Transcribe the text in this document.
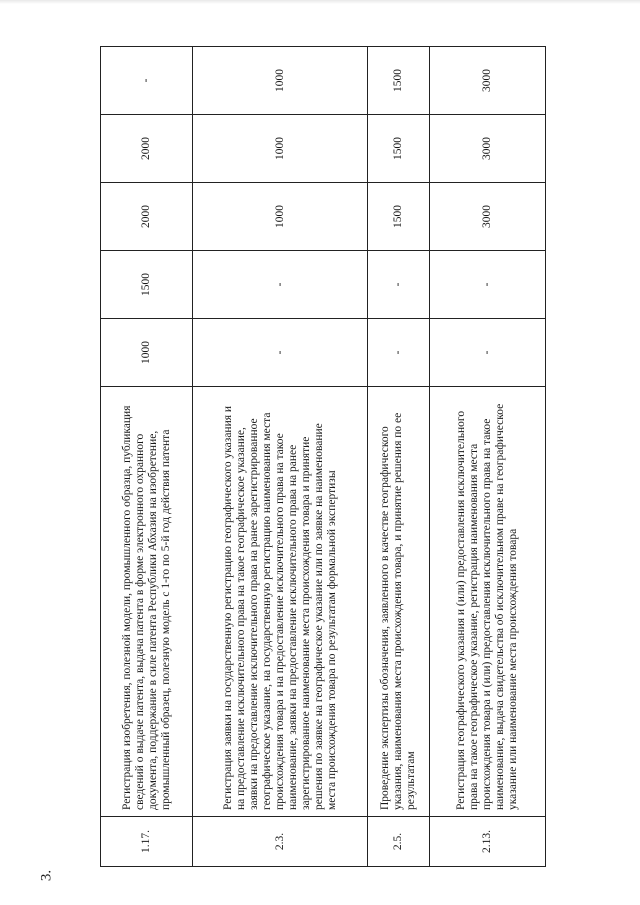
3.
1.17.	Регистрация изобретения, полезной модели, промышленного образца, публикация сведений о выдаче патента, выдача патента в форме электронного охранного документа, поддержание в силе патента Республики Абхазия на изобретение, промышленный образец, полезную модель с 1-го по 5-й год действия патента	1000	1500	2000	2000	-
2.3.	Регистрация заявки на государственную регистрацию географического указания и на предоставление исключительного права на такое географическое указание, заявки на предоставление исключительного права на ранее зарегистрированное географическое указание, на государственную регистрацию наименования места происхождения товара и на предоставление исключительного права на такое наименование, заявки на предоставление исключительного права на ранее зарегистрированное наименование места происхождения товара и принятие решения по заявке на географическое указание или по заявке на наименование места происхождения товара по результатам формальной экспертизы	-	-	1000	1000	1000
2.5.	Проведение экспертизы обозначения, заявленного в качестве географического указания, наименования места происхождения товара, и принятие решения по ее результатам	-	-	1500	1500	1500
2.13.	Регистрация географического указания и (или) предоставления исключительного права на такое географическое указание, регистрация наименования места происхождения товара и (или) предоставления исключительного права на такое наименование, выдача свидетельства об исключительном праве на географическое указание или наименование места происхождения товара	-	-	3000	3000	3000
